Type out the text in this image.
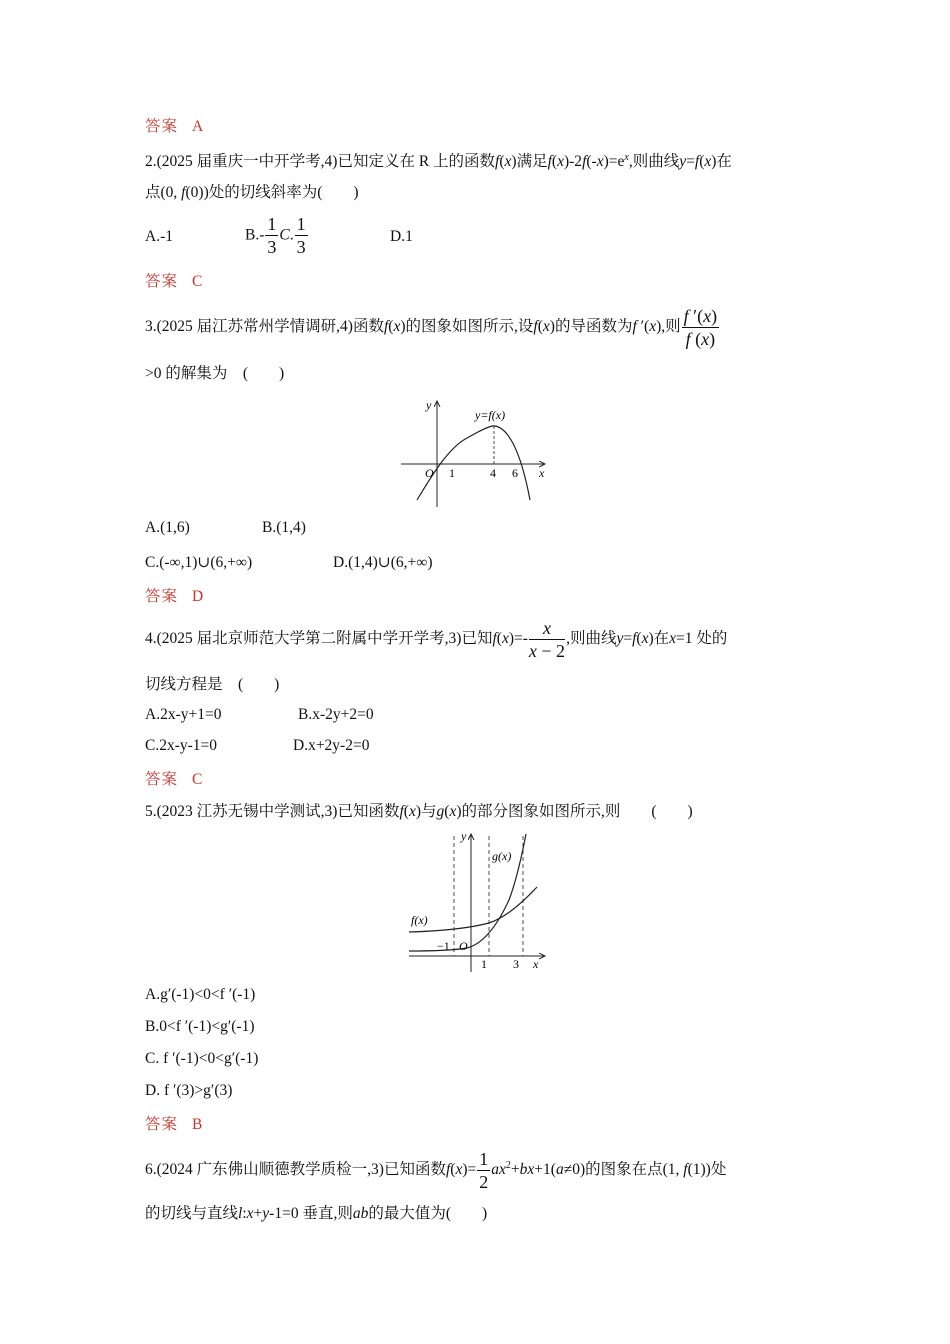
答案 A
2.(2025 届重庆一中开学考,4)已知定义在 R 上的函数f(x)满足$f(x)-2f(-x)=e^x$,则曲线y=f(x)在
点(0, f(0))处的切线斜率为(　　)
A.-1	$B.- \frac{1}{3} C$. $\frac{1}{3}$	D.1
答案 C
3.(2025 届江苏常州学情调研,4)函数f(x)的图象如图所示,设f(x)的导函数为f ′(x),则 $\frac{f '(x)}{f (x)}$
>0 的解集为　(　　)
y
x
O 1	4 6
y=f(x)
A.(1,6)	B.(1,4)
C.(-∞,1)∪(6,+∞)	D.(1,4)∪(6,+∞)
答案 D
4.(2025 届北京师范大学第二附属中学开学考,3)已知$f(x)=- \frac{x}{x - 2}$ ,则曲线y=f(x)在x=1 处的
切线方程是　(　　)
A.2x-y+1=0	B.x-2y+2=0
C.2x-y-1=0	D.x+2y-2=0
答案 C
5.(2023 江苏无锡中学测试,3)已知函数f(x)与g(x)的部分图象如图所示,则　　(　　)
y
x
O
g(x)
f(x)
−1
1 3
A.g′(-1)<0<f ′(-1)
B.0<f ′(-1)<g′(-1)
C. f ′(-1)<0<g′(-1)
D. f ′(3)>g′(3)
答案 B
6.(2024 广东佛山顺德教学质检一,3)已知函数$f(x)= \frac{1}{2} ax^2+bx+1(a\ne 0)$的图象在点(1, f(1))处
的切线与直线l:x+y-1=0 垂直,则ab的最大值为(　　)
